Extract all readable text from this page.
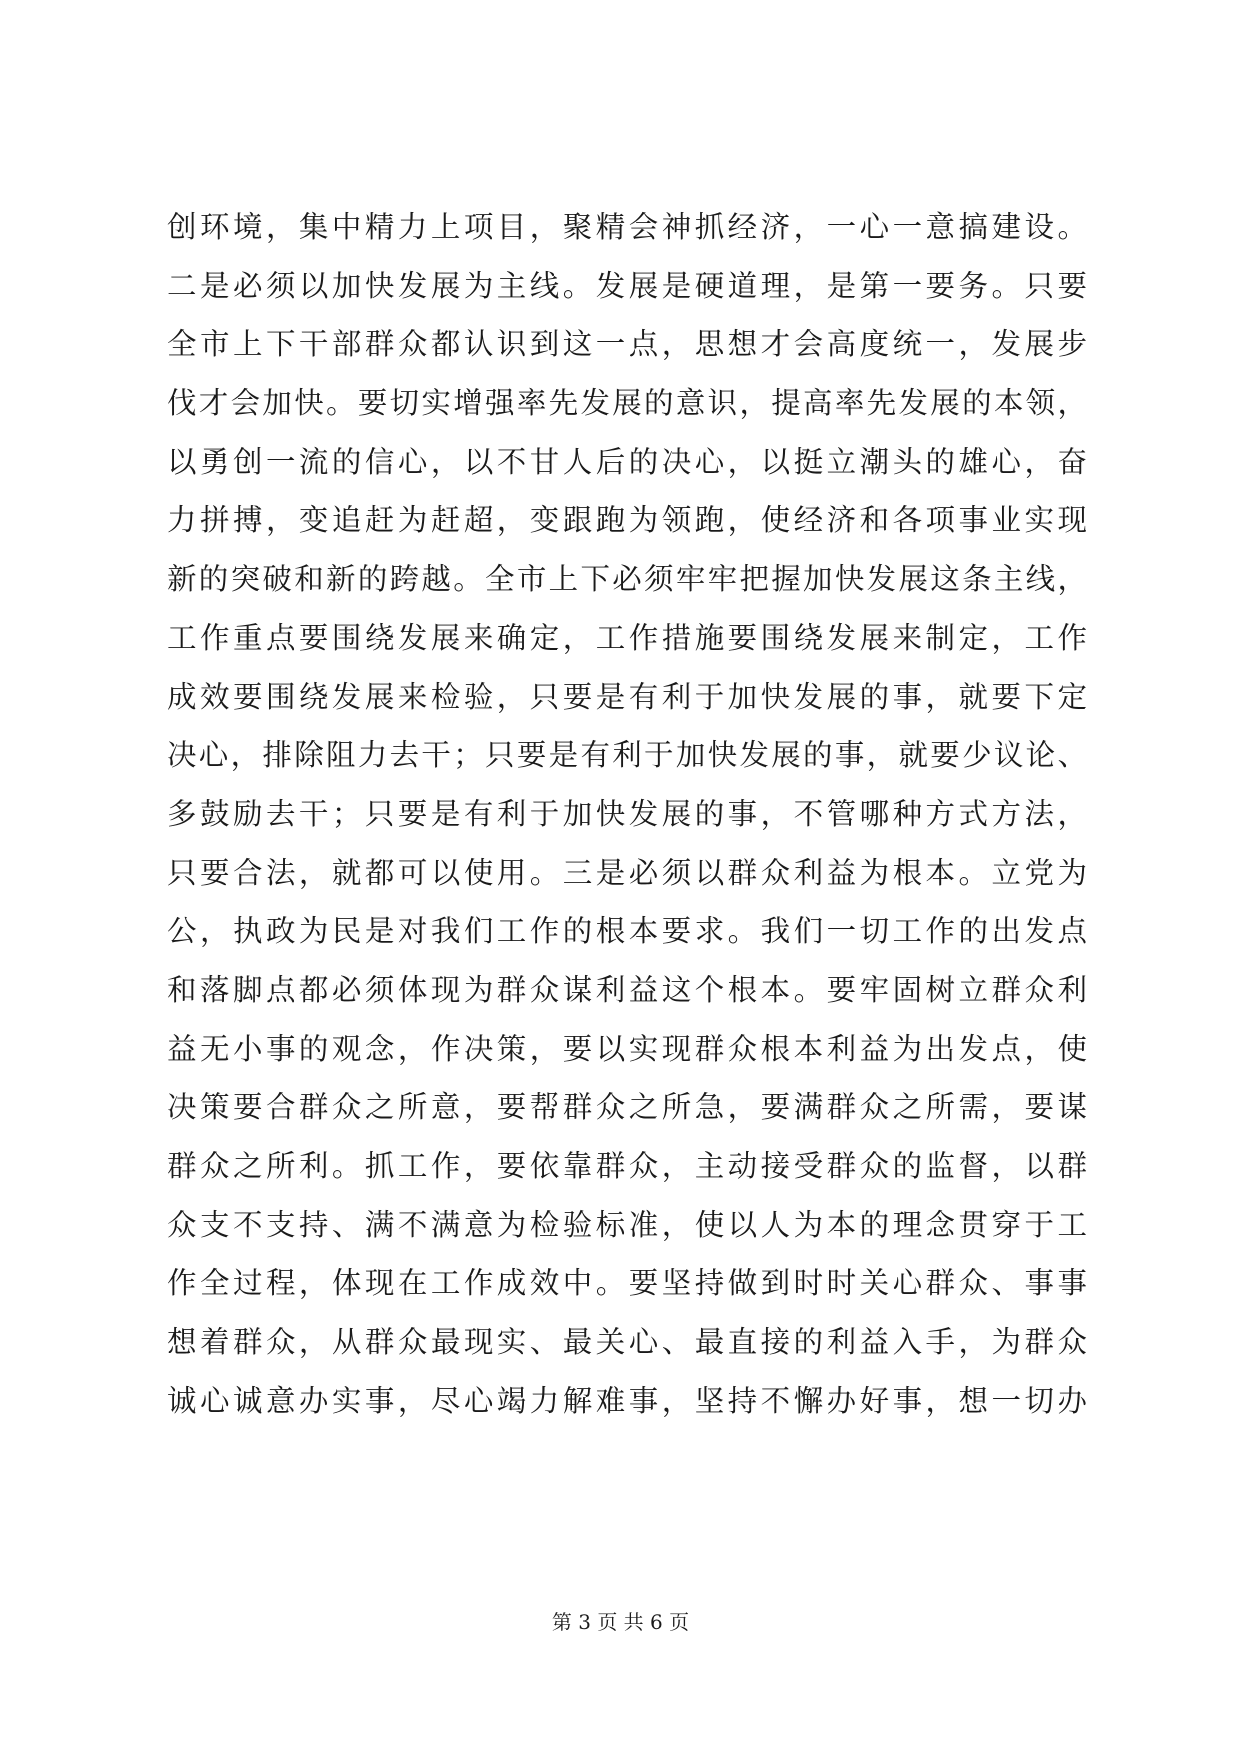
创环境，集中精力上项目，聚精会神抓经济，一心一意搞建设。
二是必须以加快发展为主线。发展是硬道理，是第一要务。只要
全市上下干部群众都认识到这一点，思想才会高度统一，发展步
伐才会加快。要切实增强率先发展的意识，提高率先发展的本领，
以勇创一流的信心，以不甘人后的决心，以挺立潮头的雄心，奋
力拼搏，变追赶为赶超，变跟跑为领跑，使经济和各项事业实现
新的突破和新的跨越。全市上下必须牢牢把握加快发展这条主线，
工作重点要围绕发展来确定，工作措施要围绕发展来制定，工作
成效要围绕发展来检验，只要是有利于加快发展的事，就要下定
决心，排除阻力去干；只要是有利于加快发展的事，就要少议论、
多鼓励去干；只要是有利于加快发展的事，不管哪种方式方法，
只要合法，就都可以使用。三是必须以群众利益为根本。立党为
公，执政为民是对我们工作的根本要求。我们一切工作的出发点
和落脚点都必须体现为群众谋利益这个根本。要牢固树立群众利
益无小事的观念，作决策，要以实现群众根本利益为出发点，使
决策要合群众之所意，要帮群众之所急，要满群众之所需，要谋
群众之所利。抓工作，要依靠群众，主动接受群众的监督，以群
众支不支持、满不满意为检验标准，使以人为本的理念贯穿于工
作全过程，体现在工作成效中。要坚持做到时时关心群众、事事
想着群众，从群众最现实、最关心、最直接的利益入手，为群众
诚心诚意办实事，尽心竭力解难事，坚持不懈办好事，想一切办
第 3 页 共 6 页
